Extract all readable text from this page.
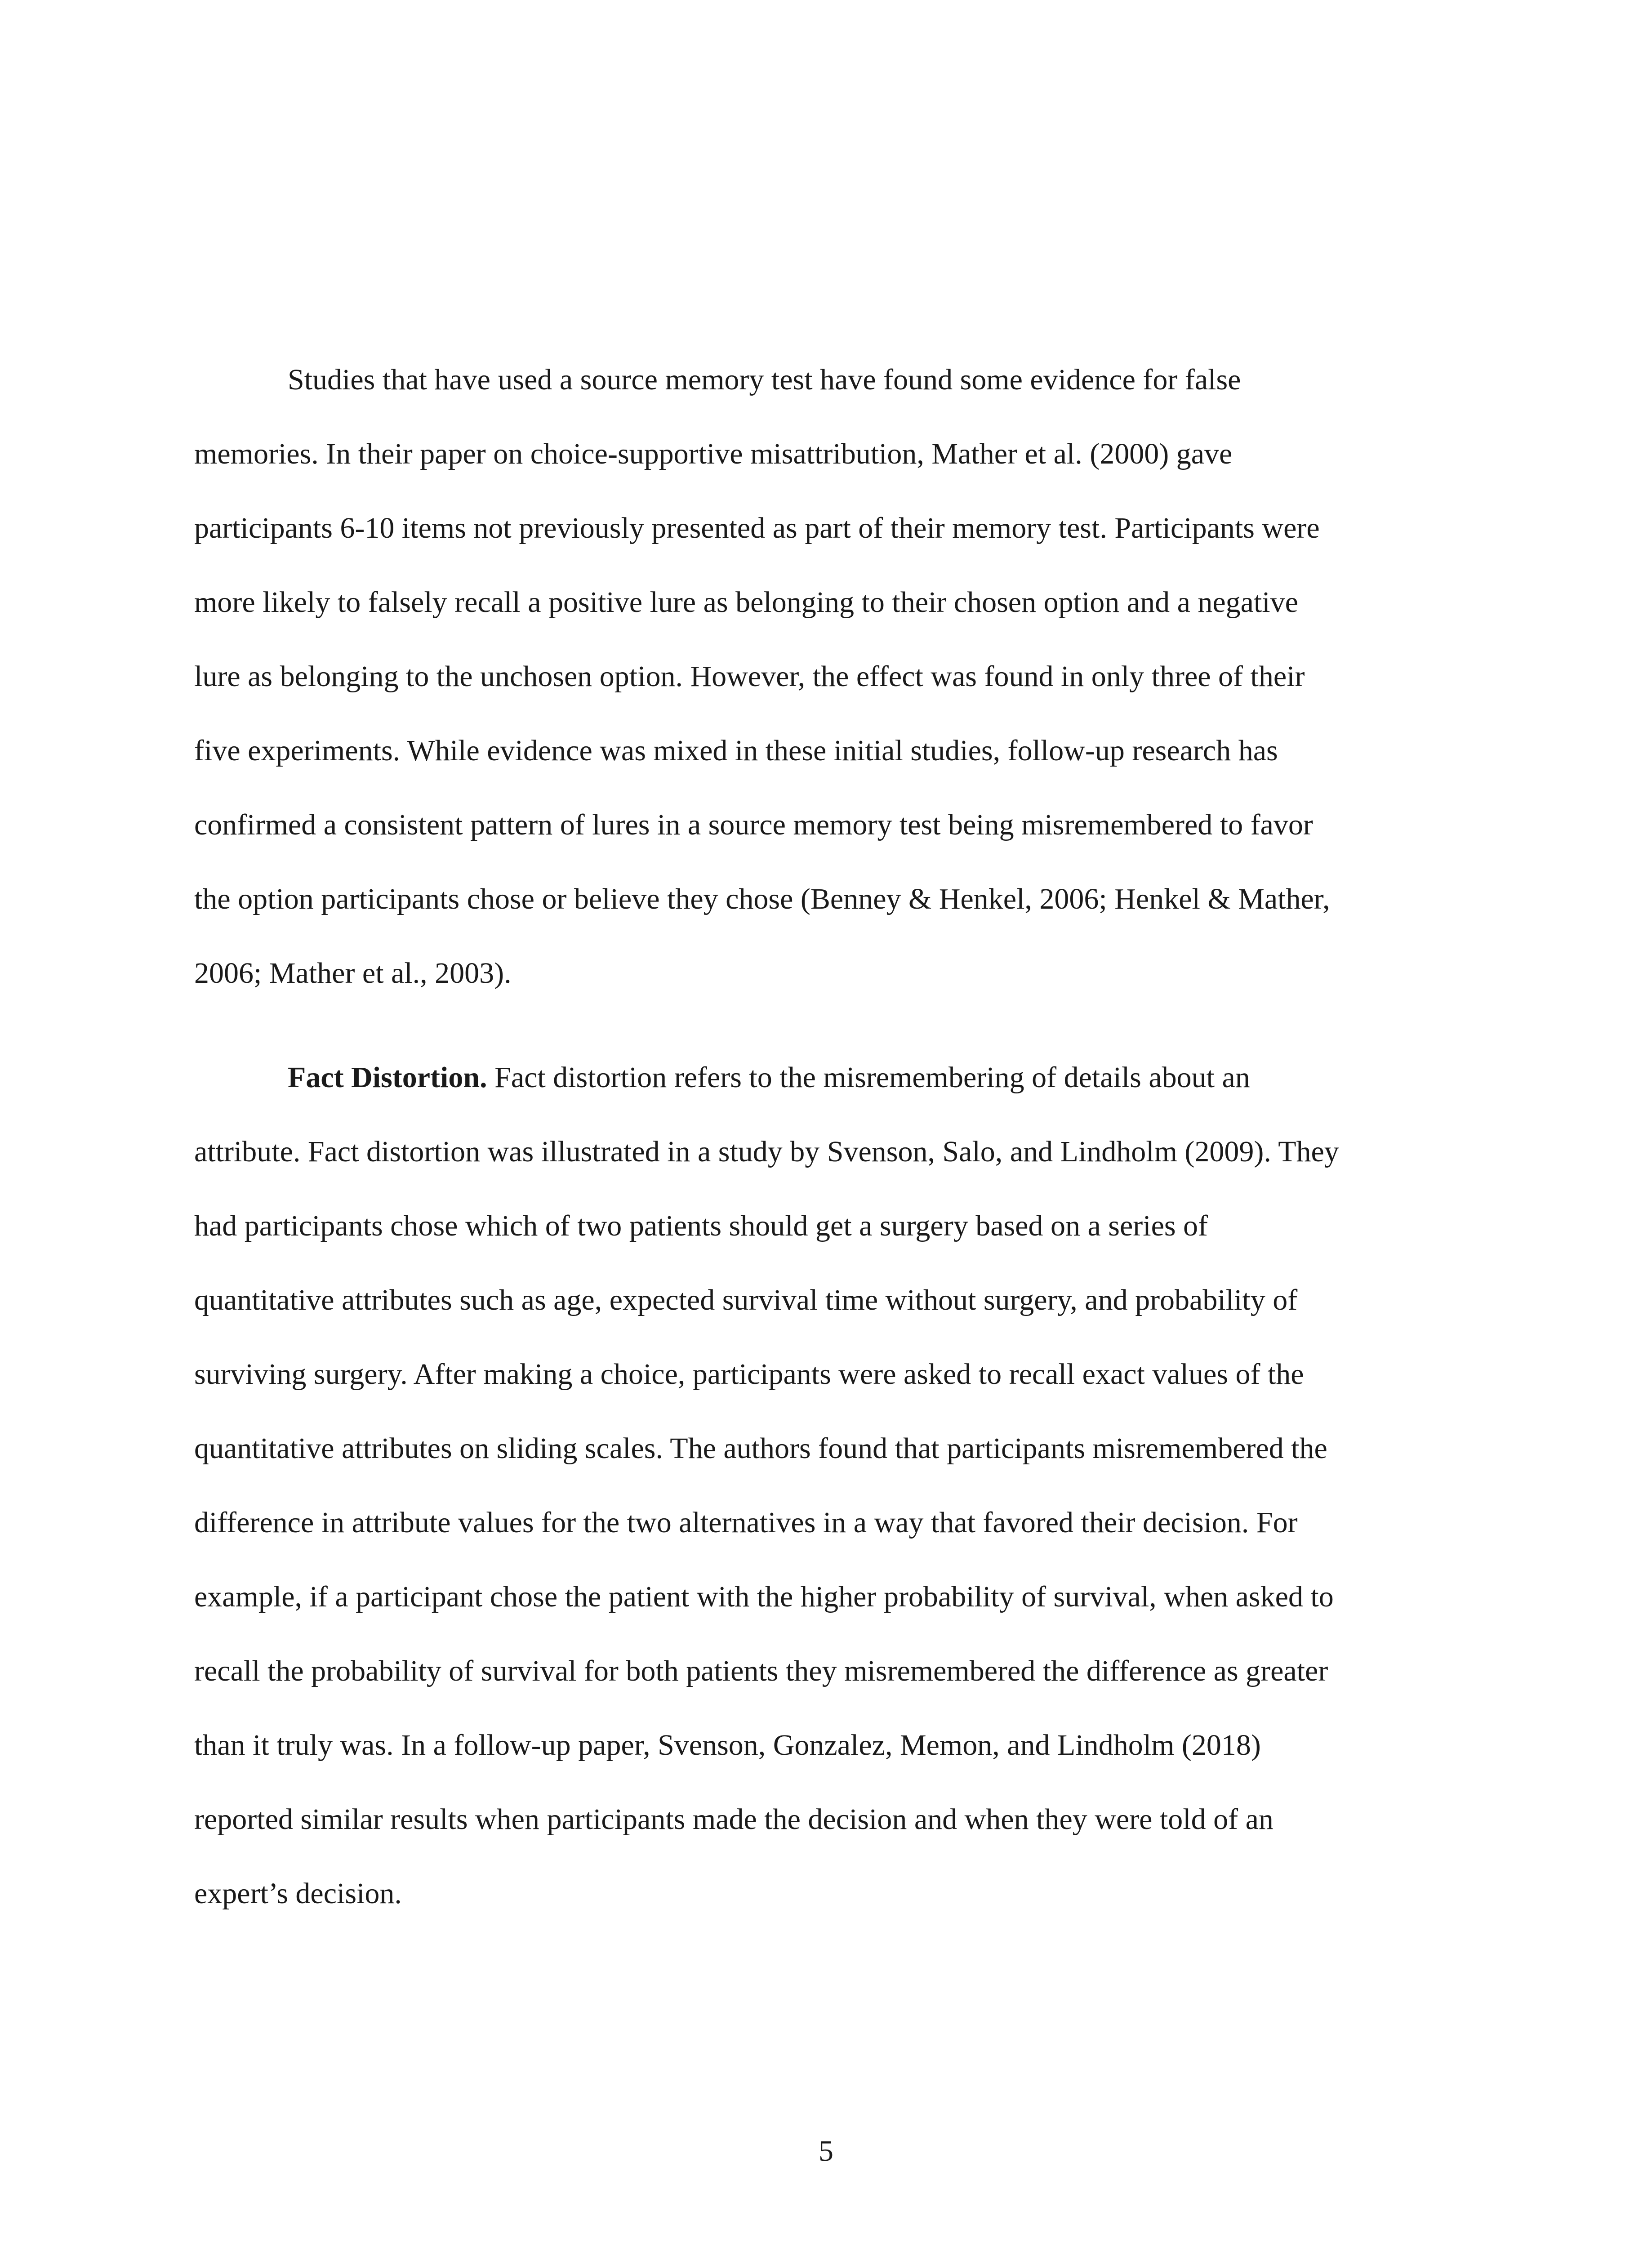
Studies that have used a source memory test have found some evidence for false
memories. In their paper on choice-supportive misattribution, Mather et al. (2000) gave
participants 6-10 items not previously presented as part of their memory test. Participants were
more likely to falsely recall a positive lure as belonging to their chosen option and a negative
lure as belonging to the unchosen option. However, the effect was found in only three of their
five experiments. While evidence was mixed in these initial studies, follow-up research has
confirmed a consistent pattern of lures in a source memory test being misremembered to favor
the option participants chose or believe they chose (Benney & Henkel, 2006; Henkel & Mather,
2006; Mather et al., 2003).
Fact Distortion. Fact distortion refers to the misremembering of details about an
attribute. Fact distortion was illustrated in a study by Svenson, Salo, and Lindholm (2009). They
had participants chose which of two patients should get a surgery based on a series of
quantitative attributes such as age, expected survival time without surgery, and probability of
surviving surgery. After making a choice, participants were asked to recall exact values of the
quantitative attributes on sliding scales. The authors found that participants misremembered the
difference in attribute values for the two alternatives in a way that favored their decision. For
example, if a participant chose the patient with the higher probability of survival, when asked to
recall the probability of survival for both patients they misremembered the difference as greater
than it truly was. In a follow-up paper, Svenson, Gonzalez, Memon, and Lindholm (2018)
reported similar results when participants made the decision and when they were told of an
expert’s decision.
5
